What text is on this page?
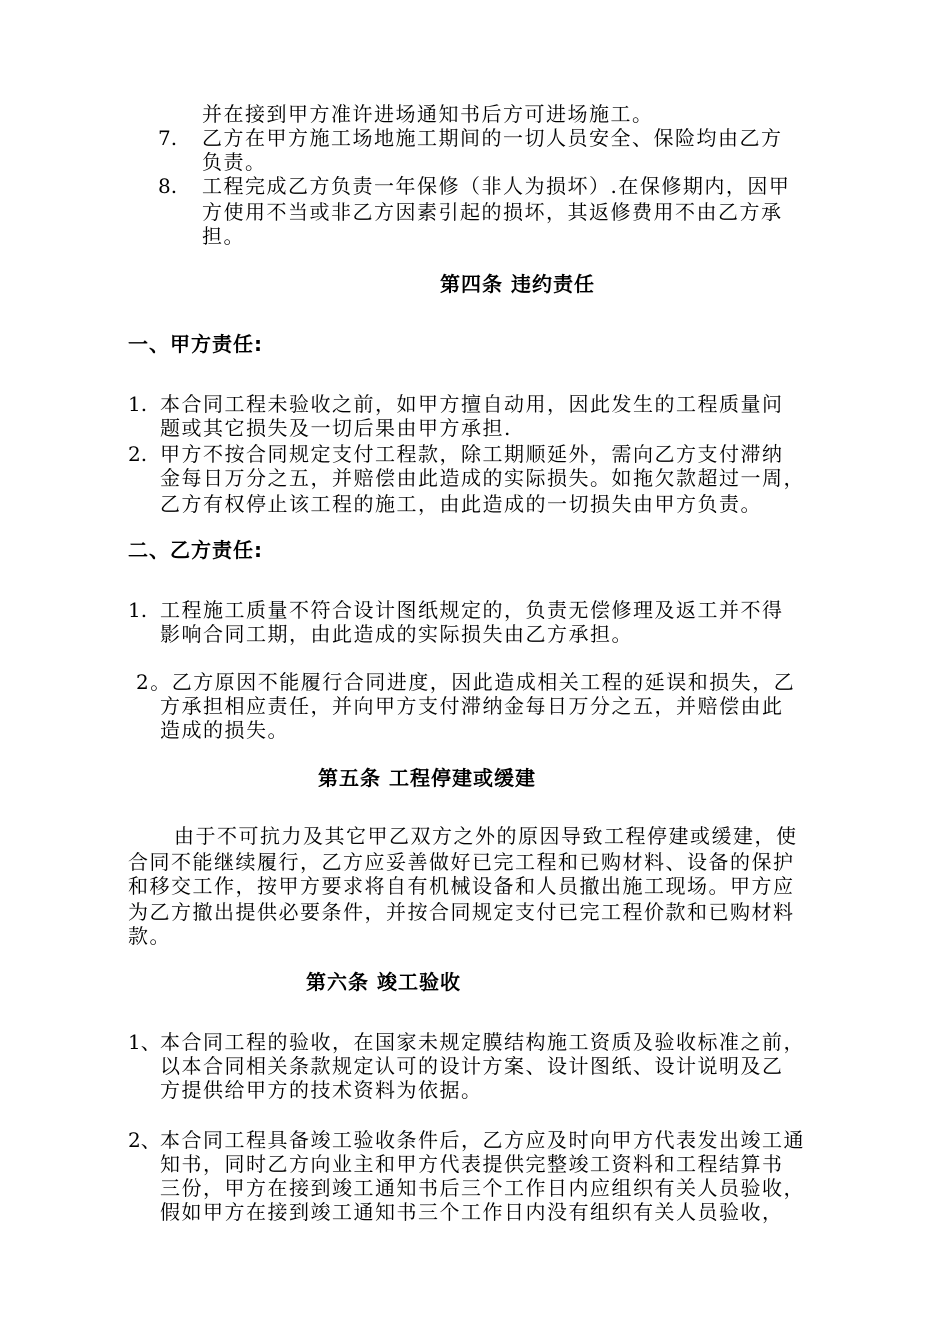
并在接到甲方准许进场通知书后方可进场施工。
7. 乙方在甲方施工场地施工期间的一切人员安全、保险均由乙方
负责。
8. 工程完成乙方负责一年保修（非人为损坏）.在保修期内，因甲
方使用不当或非乙方因素引起的损坏，其返修费用不由乙方承
担。
第四条 违约责任
一、甲方责任:
1. 本合同工程未验收之前，如甲方擅自动用，因此发生的工程质量问
题或其它损失及一切后果由甲方承担.
2. 甲方不按合同规定支付工程款，除工期顺延外，需向乙方支付滞纳
金每日万分之五，并赔偿由此造成的实际损失。如拖欠款超过一周，
乙方有权停止该工程的施工，由此造成的一切损失由甲方负责。
二、乙方责任:
1. 工程施工质量不符合设计图纸规定的，负责无偿修理及返工并不得
影响合同工期，由此造成的实际损失由乙方承担。
2。乙方原因不能履行合同进度，因此造成相关工程的延误和损失，乙
方承担相应责任，并向甲方支付滞纳金每日万分之五，并赔偿由此
造成的损失。
第五条 工程停建或缓建
由于不可抗力及其它甲乙双方之外的原因导致工程停建或缓建，使
合同不能继续履行，乙方应妥善做好已完工程和已购材料、设备的保护
和移交工作，按甲方要求将自有机械设备和人员撤出施工现场。甲方应
为乙方撤出提供必要条件，并按合同规定支付已完工程价款和已购材料
款。
第六条 竣工验收
1、 本合同工程的验收，在国家未规定膜结构施工资质及验收标准之前，
以本合同相关条款规定认可的设计方案、设计图纸、设计说明及乙
方提供给甲方的技术资料为依据。
2、 本合同工程具备竣工验收条件后，乙方应及时向甲方代表发出竣工通
知书，同时乙方向业主和甲方代表提供完整竣工资料和工程结算书
三份，甲方在接到竣工通知书后三个工作日内应组织有关人员验收，
假如甲方在接到竣工通知书三个工作日内没有组织有关人员验收，
